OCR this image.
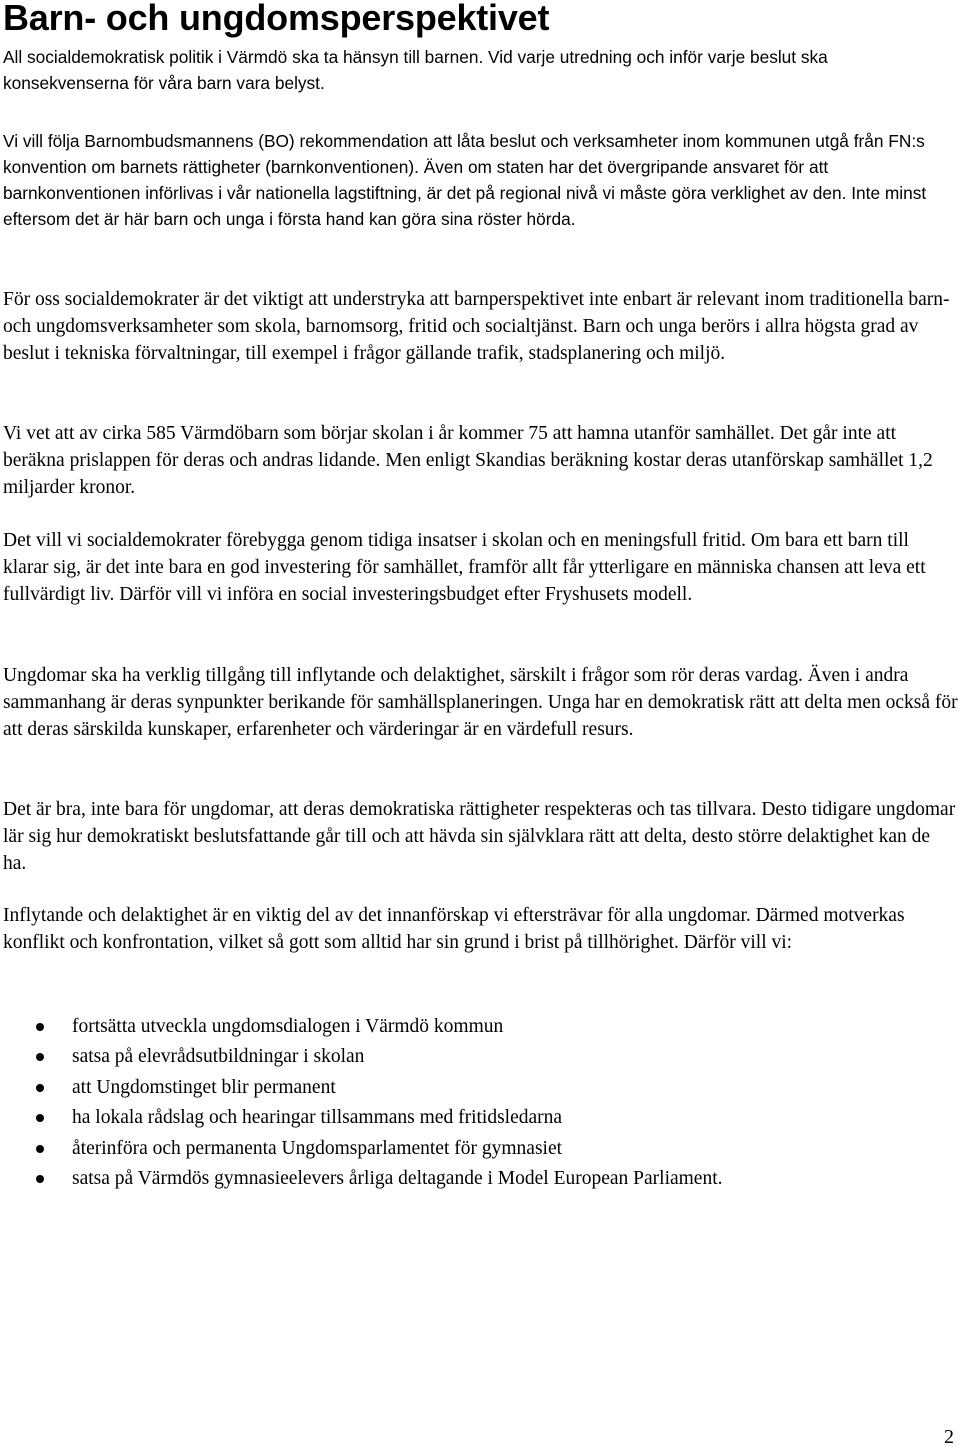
Barn- och ungdomsperspektivet

All socialdemokratisk politik i Värmdö ska ta hänsyn till barnen. Vid varje utredning och inför varje beslut ska konsekvenserna för våra barn vara belyst.

Vi vill följa Barnombudsmannens (BO) rekommendation att låta beslut och verksamheter inom kommunen utgå från FN:s konvention om barnets rättigheter (barnkonventionen). Även om staten har det övergripande ansvaret för att barnkonventionen införlivas i vår nationella lagstiftning, är det på regional nivå vi måste göra verklighet av den. Inte minst eftersom det är här barn och unga i första hand kan göra sina röster hörda.

För oss socialdemokrater är det viktigt att understryka att barnperspektivet inte enbart är relevant inom traditionella barn- och ungdomsverksamheter som skola, barnomsorg, fritid och socialtjänst. Barn och unga berörs i allra högsta grad av beslut i tekniska förvaltningar, till exempel i frågor gällande trafik, stadsplanering och miljö.

Vi vet att av cirka 585 Värmdöbarn som börjar skolan i år kommer 75 att hamna utanför samhället. Det går inte att beräkna prislappen för deras och andras lidande. Men enligt Skandias beräkning kostar deras utanförskap samhället 1,2 miljarder kronor.

Det vill vi socialdemokrater förebygga genom tidiga insatser i skolan och en meningsfull fritid. Om bara ett barn till klarar sig, är det inte bara en god investering för samhället, framför allt får ytterligare en människa chansen att leva ett fullvärdigt liv. Därför vill vi införa en social investeringsbudget efter Fryshusets modell.

Ungdomar ska ha verklig tillgång till inflytande och delaktighet, särskilt i frågor som rör deras vardag. Även i andra sammanhang är deras synpunkter berikande för samhällsplaneringen. Unga har en demokratisk rätt att delta men också för att deras särskilda kunskaper, erfarenheter och värderingar är en värdefull resurs.

Det är bra, inte bara för ungdomar, att deras demokratiska rättigheter respekteras och tas tillvara. Desto tidigare ungdomar lär sig hur demokratiskt beslutsfattande går till och att hävda sin självklara rätt att delta, desto större delaktighet kan de ha.

Inflytande och delaktighet är en viktig del av det innanförskap vi eftersträvar för alla ungdomar. Därmed motverkas konflikt och konfrontation, vilket så gott som alltid har sin grund i brist på tillhörighet. Därför vill vi:

fortsätta utveckla ungdomsdialogen i Värmdö kommun
satsa på elevrådsutbildningar i skolan
att Ungdomstinget blir permanent
ha lokala rådslag och hearingar tillsammans med fritidsledarna
återinföra och permanenta Ungdomsparlamentet för gymnasiet
satsa på Värmdös gymnasieelevers årliga deltagande i Model European Parliament.
2
